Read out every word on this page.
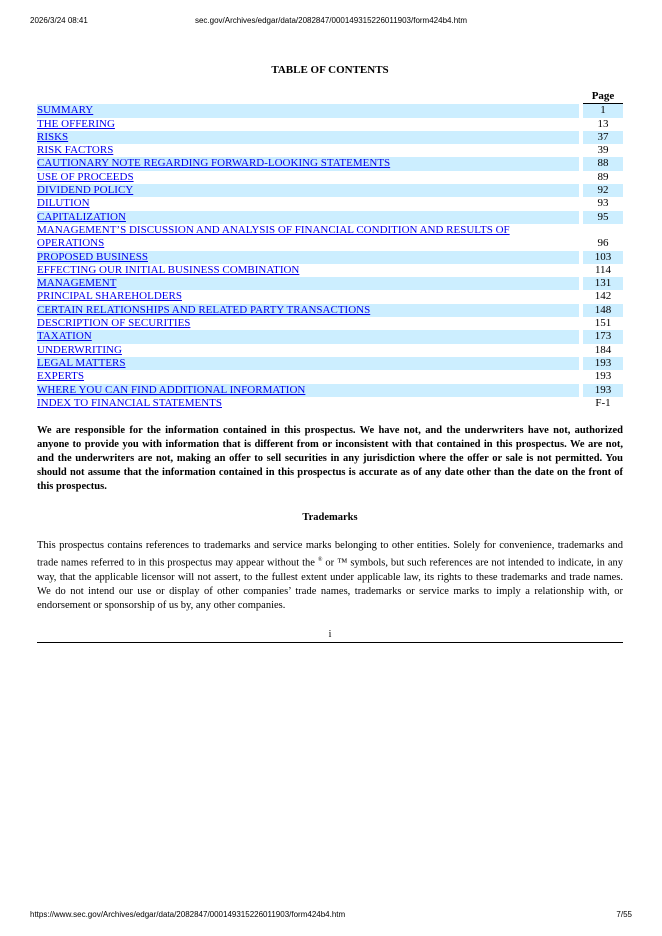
2026/3/24 08:41	sec.gov/Archives/edgar/data/2082847/000149315226011903/form424b4.htm
TABLE OF CONTENTS
		Page
SUMMARY		1
THE OFFERING		13
RISKS		37
RISK FACTORS		39
CAUTIONARY NOTE REGARDING FORWARD-LOOKING STATEMENTS		88
USE OF PROCEEDS		89
DIVIDEND POLICY		92
DILUTION		93
CAPITALIZATION		95
MANAGEMENT’S DISCUSSION AND ANALYSIS OF FINANCIAL CONDITION AND RESULTS OF
OPERATIONS		96
PROPOSED BUSINESS		103
EFFECTING OUR INITIAL BUSINESS COMBINATION		114
MANAGEMENT		131
PRINCIPAL SHAREHOLDERS		142
CERTAIN RELATIONSHIPS AND RELATED PARTY TRANSACTIONS		148
DESCRIPTION OF SECURITIES		151
TAXATION		173
UNDERWRITING		184
LEGAL MATTERS		193
EXPERTS		193
WHERE YOU CAN FIND ADDITIONAL INFORMATION		193
INDEX TO FINANCIAL STATEMENTS		F-1

We are responsible for the information contained in this prospectus. We have not, and the underwriters have not, authorized anyone to provide you with information that is different from or inconsistent with that contained in this prospectus. We are not, and the underwriters are not, making an offer to sell securities in any jurisdiction where the offer or sale is not permitted. You should not assume that the information contained in this prospectus is accurate as of any date other than the date on the front of this prospectus.

Trademarks

This prospectus contains references to trademarks and service marks belonging to other entities. Solely for convenience, trademarks and trade names referred to in this prospectus may appear without the ® or ™ symbols, but such references are not intended to indicate, in any way, that the applicable licensor will not assert, to the fullest extent under applicable law, its rights to these trademarks and trade names. We do not intend our use or display of other companies’ trade names, trademarks or service marks to imply a relationship with, or endorsement or sponsorship of us by, any other companies.

i
https://www.sec.gov/Archives/edgar/data/2082847/000149315226011903/form424b4.htm	7/55
